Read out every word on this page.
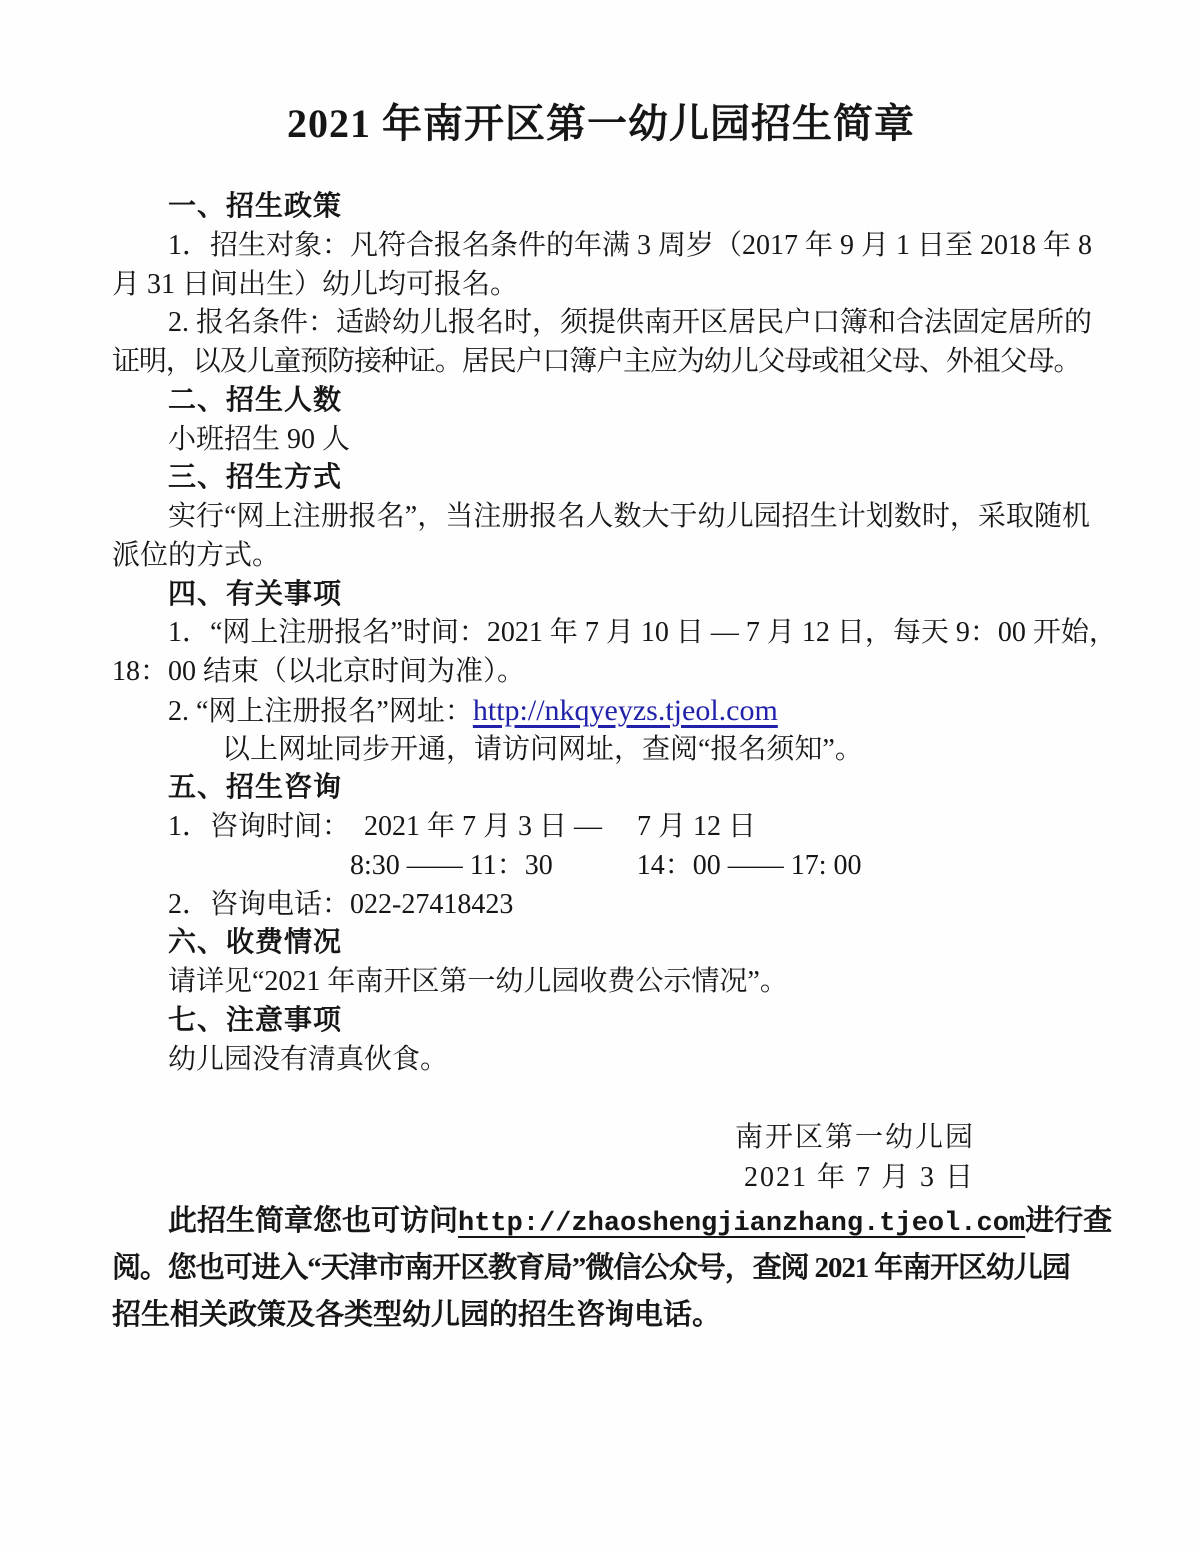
2021 年南开区第一幼儿园招生简章
一、招生政策
1．招生对象：凡符合报名条件的年满 3 周岁（2017 年 9 月 1 日至 2018 年 8
月 31 日间出生）幼儿均可报名。
2. 报名条件：适龄幼儿报名时，须提供南开区居民户口簿和合法固定居所的
证明，以及儿童预防接种证。居民户口簿户主应为幼儿父母或祖父母、外祖父母。
二、招生人数
小班招生 90 人
三、招生方式
实行“网上注册报名”，当注册报名人数大于幼儿园招生计划数时，采取随机
派位的方式。
四、有关事项
1．“网上注册报名”时间：2021 年 7 月 10 日 — 7 月 12 日，每天 9：00 开始，
18：00 结束（以北京时间为准）。
2. “网上注册报名”网址：http://nkqyeyzs.tjeol.com
以上网址同步开通，请访问网址，查阅“报名须知”。
五、招生咨询
1．咨询时间：　2021 年 7 月 3 日 — 　7 月 12 日
8:30 —— 11：30　　　14：00 —— 17: 00
2．咨询电话：022-27418423
六、收费情况
请详见“2021 年南开区第一幼儿园收费公示情况”。
七、注意事项
幼儿园没有清真伙食。
南开区第一幼儿园
2021 年 7 月 3 日
此招生简章您也可访问http://zhaoshengjianzhang.tjeol.com进行查
阅。您也可进入“天津市南开区教育局”微信公众号，查阅 2021 年南开区幼儿园
招生相关政策及各类型幼儿园的招生咨询电话。
